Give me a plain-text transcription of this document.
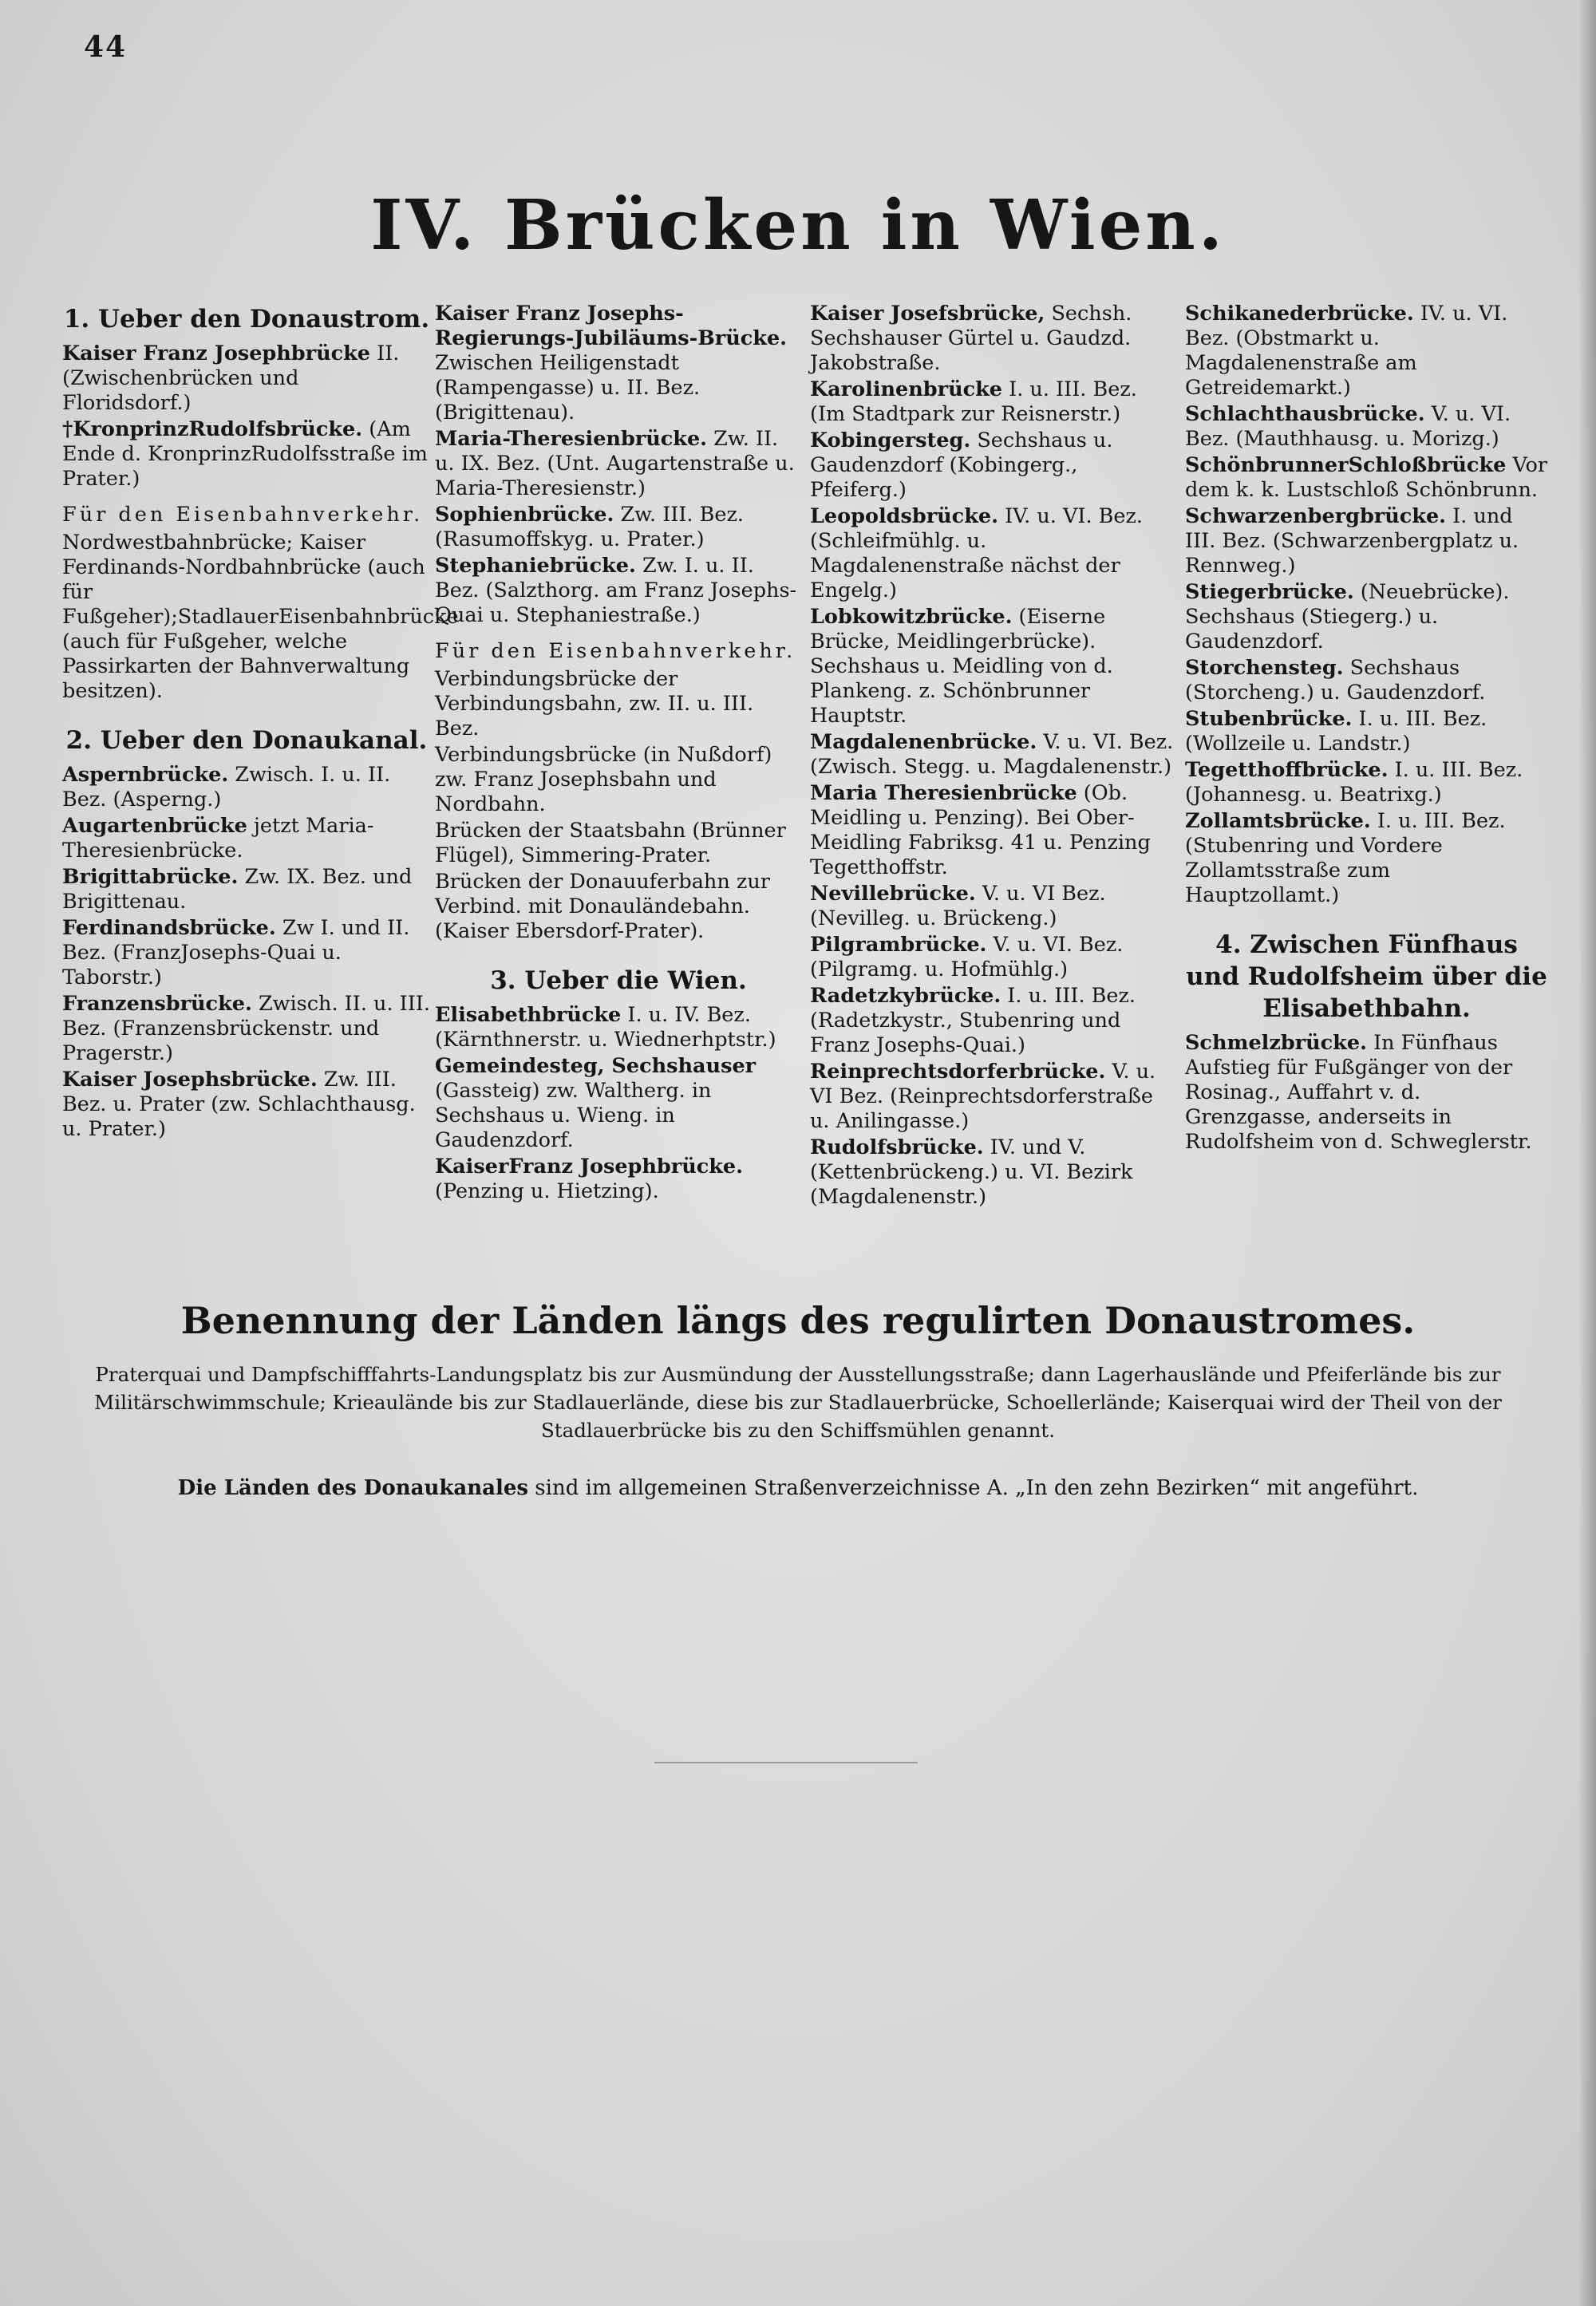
44
IV. Brücken in Wien.
1. Ueber den Donaustrom.
Kaiser Franz Josephbrücke II. (Zwischenbrücken und Floridsdorf.)
†KronprinzRudolfsbrücke. (Am Ende d. KronprinzRudolfsstraße im Prater.)
Für den Eisenbahnverkehr.
Nordwestbahnbrücke; Kaiser Ferdinands-Nordbahnbrücke (auch für Fußgeher);StadlauerEisenbahnbrücke (auch für Fußgeher, welche Passirkarten der Bahnverwaltung besitzen).
2. Ueber den Donaukanal.
Aspernbrücke. Zwisch. I. u. II. Bez. (Asperng.)
Augartenbrücke jetzt Maria-Theresienbrücke.
Brigittabrücke. Zw. IX. Bez. und Brigittenau.
Ferdinandsbrücke. Zw I. und II. Bez. (FranzJosephs-Quai u. Taborstr.)
Franzensbrücke. Zwisch. II. u. III. Bez. (Franzensbrückenstr. und Pragerstr.)
Kaiser Josephsbrücke. Zw. III. Bez. u. Prater (zw. Schlachthausg. u. Prater.)
Kaiser Franz Josephs-Regierungs-Jubiläums-Brücke. Zwischen Heiligenstadt (Rampengasse) u. II. Bez. (Brigittenau).
Maria-Theresienbrücke. Zw. II. u. IX. Bez. (Unt. Augartenstraße u. Maria-Theresienstr.)
Sophienbrücke. Zw. III. Bez. (Rasumoffskyg. u. Prater.)
Stephaniebrücke. Zw. I. u. II. Bez. (Salzthorg. am Franz Josephs-Quai u. Stephaniestraße.)
Für den Eisenbahnverkehr.
Verbindungsbrücke der Verbindungsbahn, zw. II. u. III. Bez.
Verbindungsbrücke (in Nußdorf) zw. Franz Josephsbahn und Nordbahn.
Brücken der Staatsbahn (Brünner Flügel), Simmering-Prater.
Brücken der Donauuferbahn zur Verbind. mit Donauländebahn. (Kaiser Ebersdorf-Prater).
3. Ueber die Wien.
Elisabethbrücke I. u. IV. Bez. (Kärnthnerstr. u. Wiednerhptstr.)
Gemeindesteg, Sechshauser (Gassteig) zw. Waltherg. in Sechshaus u. Wieng. in Gaudenzdorf.
KaiserFranz Josephbrücke. (Penzing u. Hietzing).
Kaiser Josefsbrücke, Sechsh. Sechshauser Gürtel u. Gaudzd. Jakobstraße.
Karolinenbrücke I. u. III. Bez. (Im Stadtpark zur Reisnerstr.)
Kobingersteg. Sechshaus u. Gaudenzdorf (Kobingerg., Pfeiferg.)
Leopoldsbrücke. IV. u. VI. Bez. (Schleifmühlg. u. Magdalenenstraße nächst der Engelg.)
Lobkowitzbrücke. (Eiserne Brücke, Meidlingerbrücke). Sechshaus u. Meidling von d. Plankeng. z. Schönbrunner Hauptstr.
Magdalenenbrücke. V. u. VI. Bez. (Zwisch. Stegg. u. Magdalenenstr.)
Maria Theresienbrücke (Ob. Meidling u. Penzing). Bei Ober-Meidling Fabriksg. 41 u. Penzing Tegetthoffstr.
Nevillebrücke. V. u. VI Bez. (Nevilleg. u. Brückeng.)
Pilgrambrücke. V. u. VI. Bez. (Pilgramg. u. Hofmühlg.)
Radetzkybrücke. I. u. III. Bez. (Radetzkystr., Stubenring und Franz Josephs-Quai.)
Reinprechtsdorferbrücke. V. u. VI Bez. (Reinprechtsdorferstraße u. Anilingasse.)
Rudolfsbrücke. IV. und V. (Kettenbrückeng.) u. VI. Bezirk (Magdalenenstr.)
Schikanederbrücke. IV. u. VI. Bez. (Obstmarkt u. Magdalenenstraße am Getreidemarkt.)
Schlachthausbrücke. V. u. VI. Bez. (Mauthhausg. u. Morizg.)
SchönbrunnerSchloßbrücke Vor dem k. k. Lustschloß Schönbrunn.
Schwarzenbergbrücke. I. und III. Bez. (Schwarzenbergplatz u. Rennweg.)
Stiegerbrücke. (Neuebrücke). Sechshaus (Stiegerg.) u. Gaudenzdorf.
Storchensteg. Sechshaus (Storcheng.) u. Gaudenzdorf.
Stubenbrücke. I. u. III. Bez. (Wollzeile u. Landstr.)
Tegetthoffbrücke. I. u. III. Bez. (Johannesg. u. Beatrixg.)
Zollamtsbrücke. I. u. III. Bez. (Stubenring und Vordere Zollamtsstraße zum Hauptzollamt.)
4. Zwischen Fünfhaus und Rudolfsheim über die Elisabethbahn.
Schmelzbrücke. In Fünfhaus Aufstieg für Fußgänger von der Rosinag., Auffahrt v. d. Grenzgasse, anderseits in Rudolfsheim von d. Schweglerstr.
Benennung der Länden längs des regulirten Donaustromes.
Praterquai und Dampfschifffahrts-Landungsplatz bis zur Ausmündung der Ausstellungsstraße; dann Lagerhauslände und Pfeiferlände bis zur Militärschwimmschule; Krieaulände bis zur Stadlauerlände, diese bis zur Stadlauerbrücke, Schoellerlände; Kaiserquai wird der Theil von der Stadlauerbrücke bis zu den Schiffsmühlen genannt.
Die Länden des Donaukanales sind im allgemeinen Straßenverzeichnisse A. „In den zehn Bezirken“ mit angeführt.
